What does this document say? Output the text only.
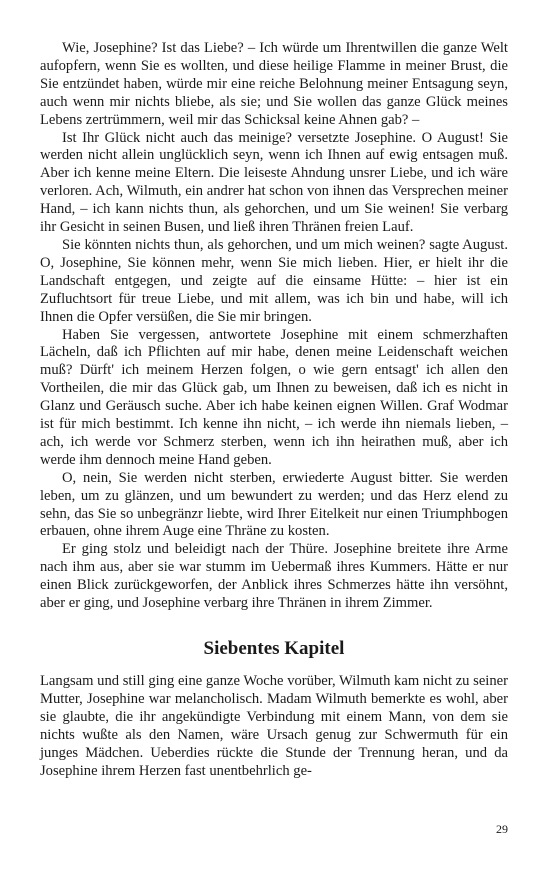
Wie, Josephine? Ist das Liebe? – Ich würde um Ihrentwillen die ganze Welt aufopfern, wenn Sie es wollten, und diese heilige Flamme in meiner Brust, die Sie entzündet haben, würde mir eine reiche Belohnung meiner Entsagung seyn, auch wenn mir nichts bliebe, als sie; und Sie wollen das ganze Glück meines Lebens zertrümmern, weil mir das Schicksal keine Ahnen gab? –

Ist Ihr Glück nicht auch das meinige? versetzte Josephine. O August! Sie werden nicht allein unglücklich seyn, wenn ich Ihnen auf ewig entsagen muß. Aber ich kenne meine Eltern. Die leiseste Ahndung unsrer Liebe, und ich wäre verloren. Ach, Wilmuth, ein andrer hat schon von ihnen das Versprechen meiner Hand, – ich kann nichts thun, als gehorchen, und um Sie weinen! Sie verbarg ihr Gesicht in seinen Busen, und ließ ihren Thränen freien Lauf.

Sie könnten nichts thun, als gehorchen, und um mich weinen? sagte August. O, Josephine, Sie können mehr, wenn Sie mich lieben. Hier, er hielt ihr die Landschaft entgegen, und zeigte auf die einsame Hütte: – hier ist ein Zufluchtsort für treue Liebe, und mit allem, was ich bin und habe, will ich Ihnen die Opfer versüßen, die Sie mir bringen.

Haben Sie vergessen, antwortete Josephine mit einem schmerzhaften Lächeln, daß ich Pflichten auf mir habe, denen meine Leidenschaft weichen muß? Dürft' ich meinem Herzen folgen, o wie gern entsagt' ich allen den Vortheilen, die mir das Glück gab, um Ihnen zu beweisen, daß ich es nicht in Glanz und Geräusch suche. Aber ich habe keinen eignen Willen. Graf Wodmar ist für mich bestimmt. Ich kenne ihn nicht, – ich werde ihn niemals lieben, – ach, ich werde vor Schmerz sterben, wenn ich ihn heirathen muß, aber ich werde ihm dennoch meine Hand geben.

O, nein, Sie werden nicht sterben, erwiederte August bitter. Sie werden leben, um zu glänzen, und um bewundert zu werden; und das Herz elend zu sehn, das Sie so unbegränzr liebte, wird Ihrer Eitelkeit nur einen Triumphbogen erbauen, ohne ihrem Auge eine Thräne zu kosten.

Er ging stolz und beleidigt nach der Thüre. Josephine breitete ihre Arme nach ihm aus, aber sie war stumm im Uebermaß ihres Kummers. Hätte er nur einen Blick zurückgeworfen, der Anblick ihres Schmerzes hätte ihn versöhnt, aber er ging, und Josephine verbarg ihre Thränen in ihrem Zimmer.

Siebentes Kapitel

Langsam und still ging eine ganze Woche vorüber, Wilmuth kam nicht zu seiner Mutter, Josephine war melancholisch. Madam Wilmuth bemerkte es wohl, aber sie glaubte, die ihr angekündigte Verbindung mit einem Mann, von dem sie nichts wußte als den Namen, wäre Ursach genug zur Schwermuth für ein junges Mädchen. Ueberdies rückte die Stunde der Trennung heran, und da Josephine ihrem Herzen fast unentbehrlich ge-

29
